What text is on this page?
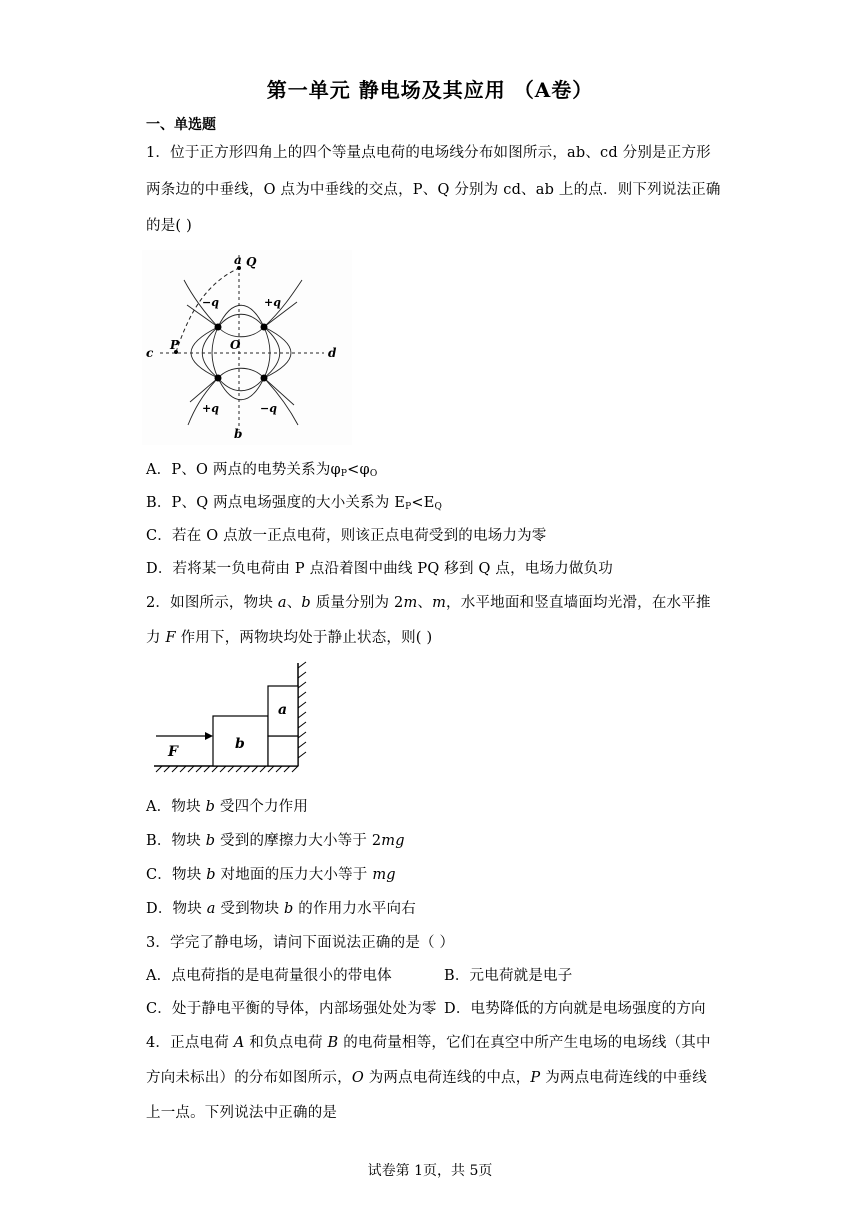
第一单元 静电场及其应用 （A卷）
一、单选题
1．位于正方形四角上的四个等量点电荷的电场线分布如图所示，ab、cd 分别是正方形
两条边的中垂线，O 点为中垂线的交点，P、Q 分别为 cd、ab 上的点．则下列说法正确
的是( )
a Q
b
c	d
O
P
−q	+q
+q	−q
A．P、O 两点的电势关系为$\varphi_P<\varphi_O$
B．P、Q 两点电场强度的大小关系为 $E_P<E_Q$
C．若在 O 点放一正点电荷，则该正点电荷受到的电场力为零
D．若将某一负电荷由 P 点沿着图中曲线 PQ 移到 Q 点，电场力做负功
2．如图所示，物块 a、b 质量分别为 2m、m，水平地面和竖直墙面均光滑，在水平推
力 F 作用下，两物块均处于静止状态，则( )
F	b
a
A．物块 b 受四个力作用
B．物块 b 受到的摩擦力大小等于 2mg
C．物块 b 对地面的压力大小等于 mg
D．物块 a 受到物块 b 的作用力水平向右
3．学完了静电场，请问下面说法正确的是（ ）
A．点电荷指的是电荷量很小的带电体	B．元电荷就是电子
C．处于静电平衡的导体，内部场强处处为零 D．电势降低的方向就是电场强度的方向
4．正点电荷 A 和负点电荷 B 的电荷量相等，它们在真空中所产生电场的电场线（其中
方向未标出）的分布如图所示，O 为两点电荷连线的中点，P 为两点电荷连线的中垂线
上一点。下列说法中正确的是
试卷第 1页，共 5页
